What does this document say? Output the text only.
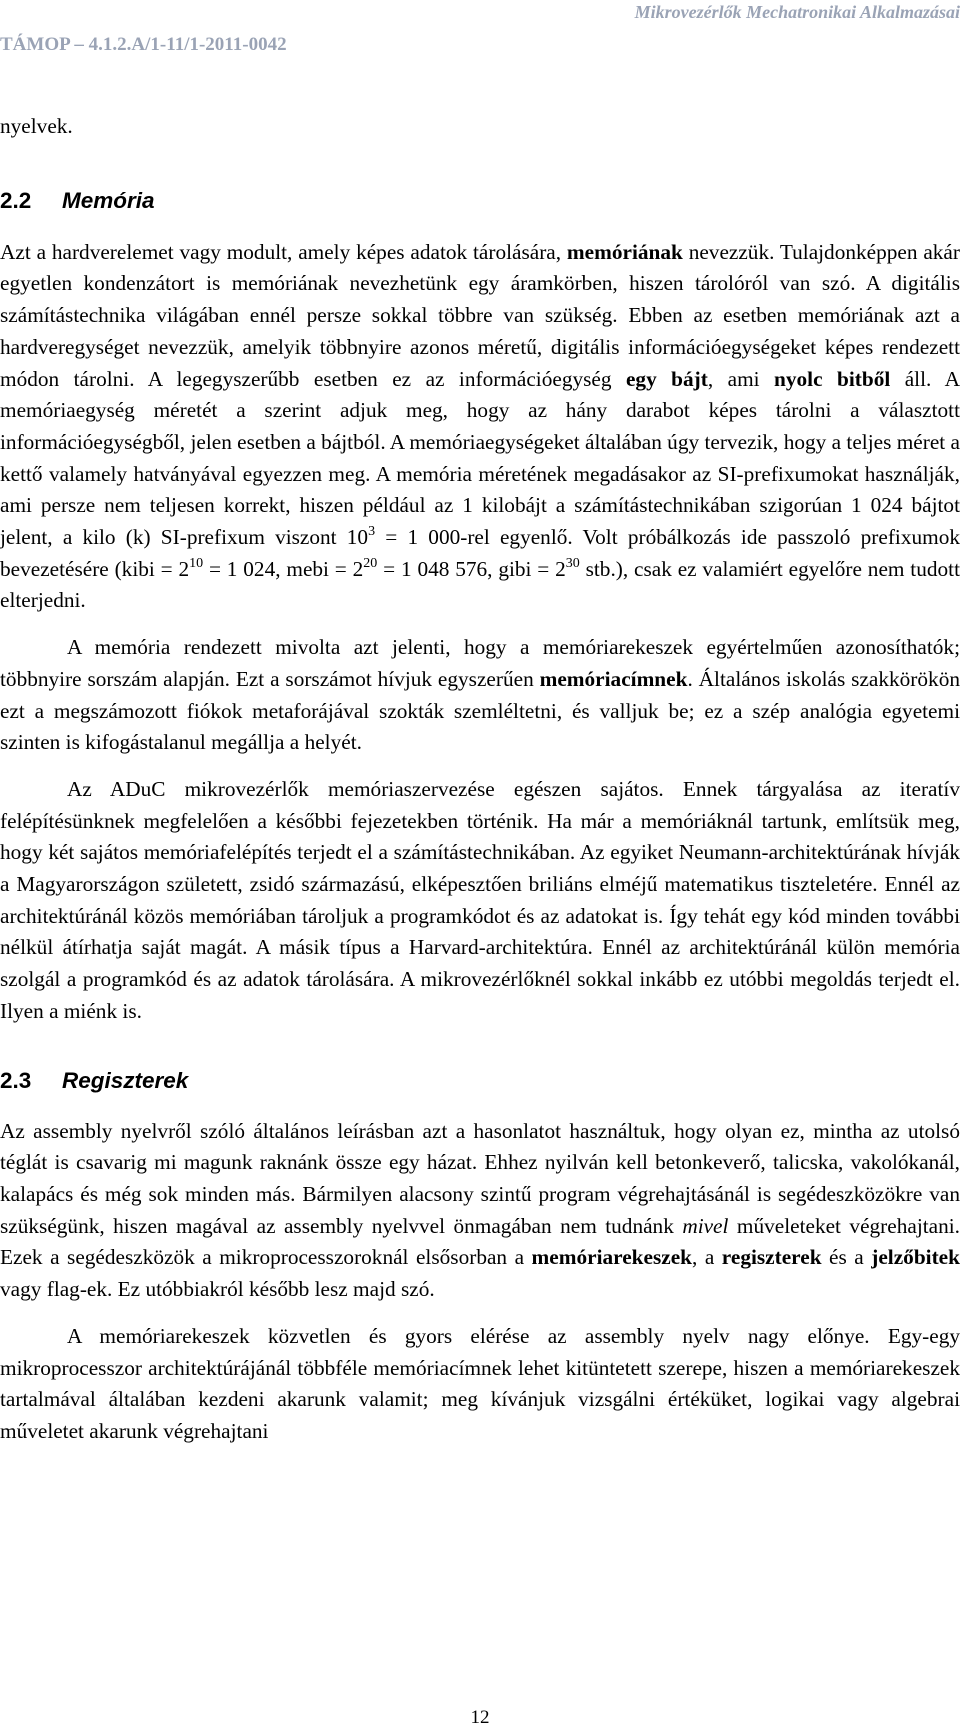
Mikrovezérlők Mechatronikai Alkalmazásai
TÁMOP – 4.1.2.A/1-11/1-2011-0042

nyelvek.

2.2 Memória

Azt a hardverelemet vagy modult, amely képes adatok tárolására, memóriának nevezzük. Tulajdonképpen akár egyetlen kondenzátort is memóriának nevezhetünk egy áramkörben, hiszen tárolóról van szó. A digitális számítástechnika világában ennél persze sokkal többre van szükség. Ebben az esetben memóriának azt a hardveregységet nevezzük, amelyik többnyire azonos méretű, digitális információegységeket képes rendezett módon tárolni. A legegyszerűbb esetben ez az információegység egy bájt, ami nyolc bitből áll. A memóriaegység méretét a szerint adjuk meg, hogy az hány darabot képes tárolni a választott információegységből, jelen esetben a bájtból. A memóriaegységeket általában úgy tervezik, hogy a teljes méret a kettő valamely hatványával egyezzen meg. A memória méretének megadásakor az SI-prefixumokat használják, ami persze nem teljesen korrekt, hiszen például az 1 kilobájt a számítástechnikában szigorúan 1 024 bájtot jelent, a kilo (k) SI-prefixum viszont $10^3 = 1$ 000-rel egyenlő. Volt próbálkozás ide passzoló prefixumok bevezetésére (kibi = $2^{10} = 1$ 024, mebi = $2^{20} = 1$ 048 576, gibi = $2^{30}$ stb.), csak ez valamiért egyelőre nem tudott elterjedni.

A memória rendezett mivolta azt jelenti, hogy a memóriarekeszek egyértelműen azonosíthatók; többnyire sorszám alapján. Ezt a sorszámot hívjuk egyszerűen memóriacímnek. Általános iskolás szakkörökön ezt a megszámozott fiókok metaforájával szokták szemléltetni, és valljuk be; ez a szép analógia egyetemi szinten is kifogástalanul megállja a helyét.

Az ADuC mikrovezérlők memóriaszervezése egészen sajátos. Ennek tárgyalása az iteratív felépítésünknek megfelelően a későbbi fejezetekben történik. Ha már a memóriáknál tartunk, említsük meg, hogy két sajátos memóriafelépítés terjedt el a számítástechnikában. Az egyiket Neumann-architektúrának hívják a Magyarországon született, zsidó származású, elképesztően briliáns elméjű matematikus tiszteletére. Ennél az architektúránál közös memóriában tároljuk a programkódot és az adatokat is. Így tehát egy kód minden további nélkül átírhatja saját magát. A másik típus a Harvard-architektúra. Ennél az architektúránál külön memória szolgál a programkód és az adatok tárolására. A mikrovezérlőknél sokkal inkább ez utóbbi megoldás terjedt el. Ilyen a miénk is.

2.3 Regiszterek

Az assembly nyelvről szóló általános leírásban azt a hasonlatot használtuk, hogy olyan ez, mintha az utolsó téglát is csavarig mi magunk raknánk össze egy házat. Ehhez nyilván kell betonkeverő, talicska, vakolókanál, kalapács és még sok minden más. Bármilyen alacsony szintű program végrehajtásánál is segédeszközökre van szükségünk, hiszen magával az assembly nyelvvel önmagában nem tudnánk mivel műveleteket végrehajtani. Ezek a segédeszközök a mikroprocesszoroknál elsősorban a memóriarekeszek, a regiszterek és a jelzőbitek vagy flag-ek. Ez utóbbiakról később lesz majd szó.

A memóriarekeszek közvetlen és gyors elérése az assembly nyelv nagy előnye. Egy-egy mikroprocesszor architektúrájánál többféle memóriacímnek lehet kitüntetett szerepe, hiszen a memóriarekeszek tartalmával általában kezdeni akarunk valamit; meg kívánjuk vizsgálni értéküket, logikai vagy algebrai műveletet akarunk végrehajtani

12
